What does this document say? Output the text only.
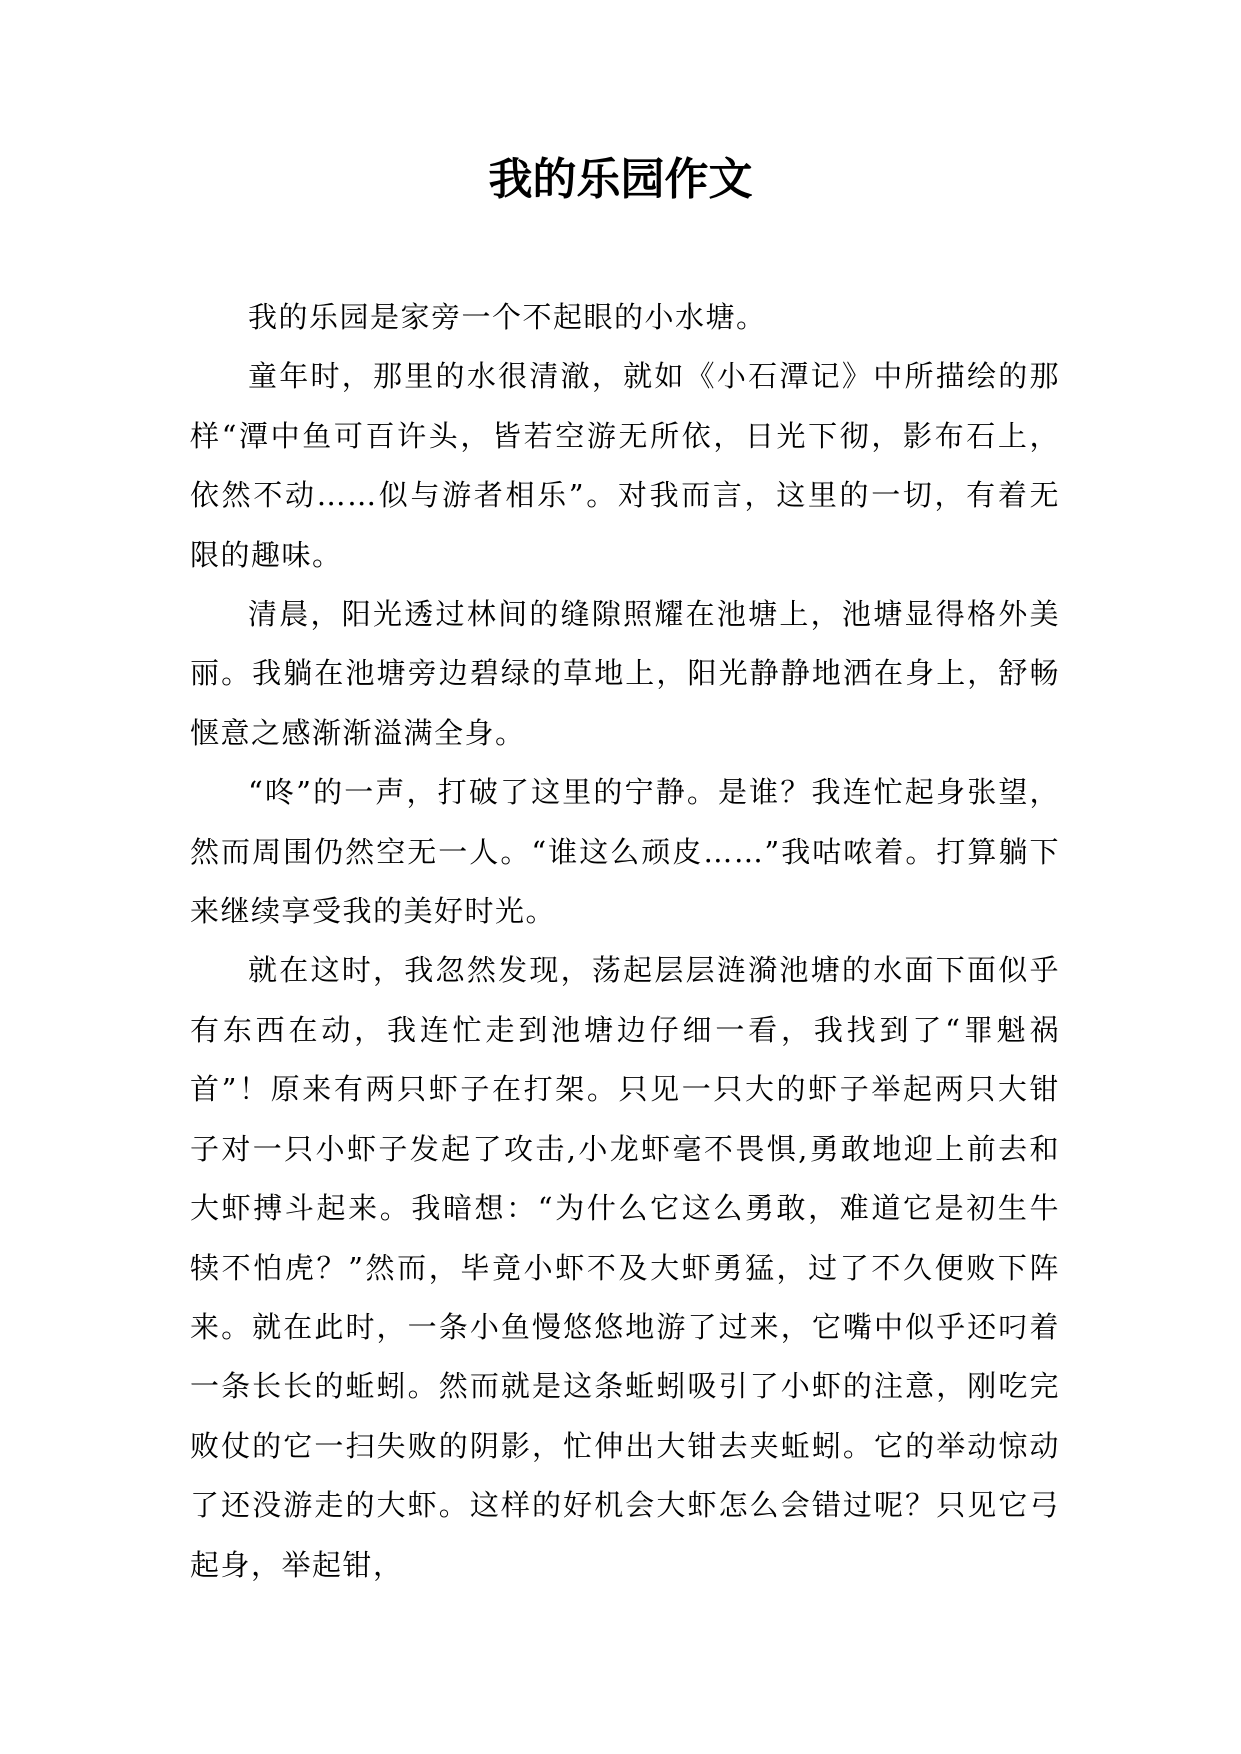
我的乐园作文

我的乐园是家旁一个不起眼的小水塘。

童年时，那里的水很清澈，就如《小石潭记》中所描绘的那样“潭中鱼可百许头，皆若空游无所依，日光下彻，影布石上，依然不动……似与游者相乐”。对我而言，这里的一切，有着无限的趣味。

清晨，阳光透过林间的缝隙照耀在池塘上，池塘显得格外美丽。我躺在池塘旁边碧绿的草地上，阳光静静地洒在身上，舒畅惬意之感渐渐溢满全身。

“咚”的一声，打破了这里的宁静。是谁？我连忙起身张望，然而周围仍然空无一人。“谁这么顽皮……”我咕哝着。打算躺下来继续享受我的美好时光。

就在这时，我忽然发现，荡起层层涟漪池塘的水面下面似乎有东西在动，我连忙走到池塘边仔细一看，我找到了“罪魁祸首”！原来有两只虾子在打架。只见一只大的虾子举起两只大钳子对一只小虾子发起了攻击,小龙虾毫不畏惧,勇敢地迎上前去和大虾搏斗起来。我暗想：“为什么它这么勇敢，难道它是初生牛犊不怕虎？”然而，毕竟小虾不及大虾勇猛，过了不久便败下阵来。就在此时，一条小鱼慢悠悠地游了过来，它嘴中似乎还叼着一条长长的蚯蚓。然而就是这条蚯蚓吸引了小虾的注意，刚吃完败仗的它一扫失败的阴影，忙伸出大钳去夹蚯蚓。它的举动惊动了还没游走的大虾。这样的好机会大虾怎么会错过呢？只见它弓起身，举起钳，
